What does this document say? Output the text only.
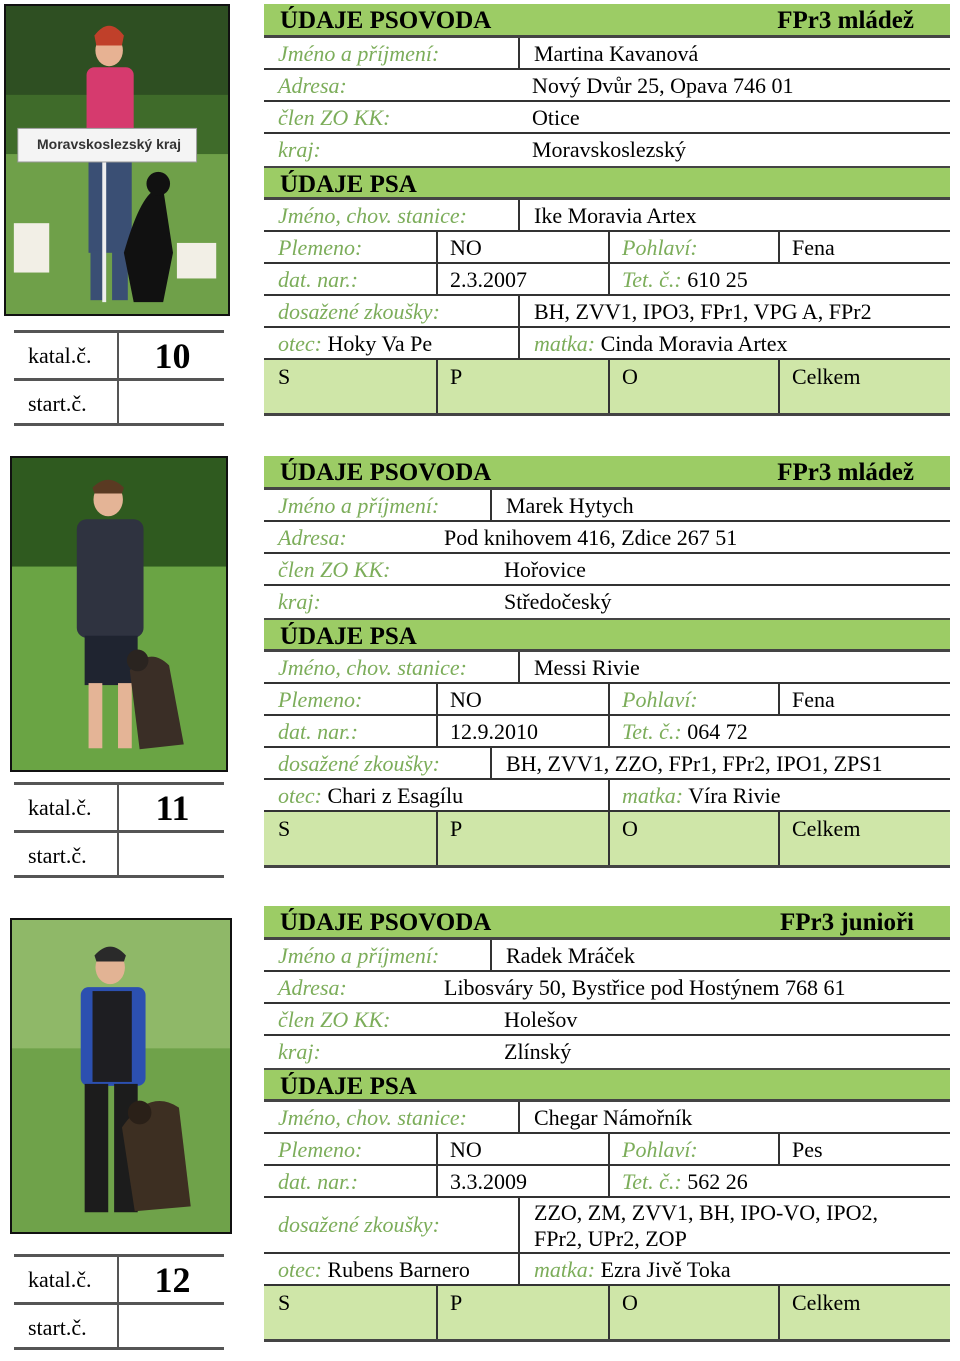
Moravskoslezský kraj
katal.č.	10
start.č.
ÚDAJE PSOVODA	FPr3 mládež
Jméno a příjmení:	Martina Kavanová
Adresa:	Nový Dvůr 25, Opava 746 01
člen ZO KK:	Otice
kraj:	Moravskoslezský
ÚDAJE PSA
Jméno, chov. stanice:	Ike Moravia Artex
Plemeno:	NO	Pohlaví:	Fena
dat. nar.:	2.3.2007	Tet. č.: 610 25
dosažené zkoušky:	BH, ZVV1, IPO3, FPr1, VPG A, FPr2
otec: Hoky Va Pe	matka: Cinda Moravia Artex
S	P	O	Celkem
katal.č.	11
start.č.
ÚDAJE PSOVODA	FPr3 mládež
Jméno a příjmení:	Marek Hytych
Adresa:	Pod knihovem 416, Zdice 267 51
člen ZO KK:	Hořovice
kraj:	Středočeský
ÚDAJE PSA
Jméno, chov. stanice:	Messi Rivie
Plemeno:	NO	Pohlaví:	Fena
dat. nar.:	12.9.2010	Tet. č.: 064 72
dosažené zkoušky:	BH, ZVV1, ZZO, FPr1, FPr2, IPO1, ZPS1
otec: Chari z Esagílu	matka: Víra Rivie
S	P	O	Celkem
katal.č.	12
start.č.
ÚDAJE PSOVODA	FPr3 junioři
Jméno a příjmení:	Radek Mráček
Adresa:	Libosváry 50, Bystřice pod Hostýnem 768 61
člen ZO KK:	Holešov
kraj:	Zlínský
ÚDAJE PSA
Jméno, chov. stanice:	Chegar Námořník
Plemeno:	NO	Pohlaví:	Pes
dat. nar.:	3.3.2009	Tet. č.: 562 26
dosažené zkoušky:	ZZO, ZM, ZVV1, BH, IPO-VO, IPO2,
FPr2, UPr2, ZOP
otec: Rubens Barnero	matka: Ezra Jivě Toka
S	P	O	Celkem
